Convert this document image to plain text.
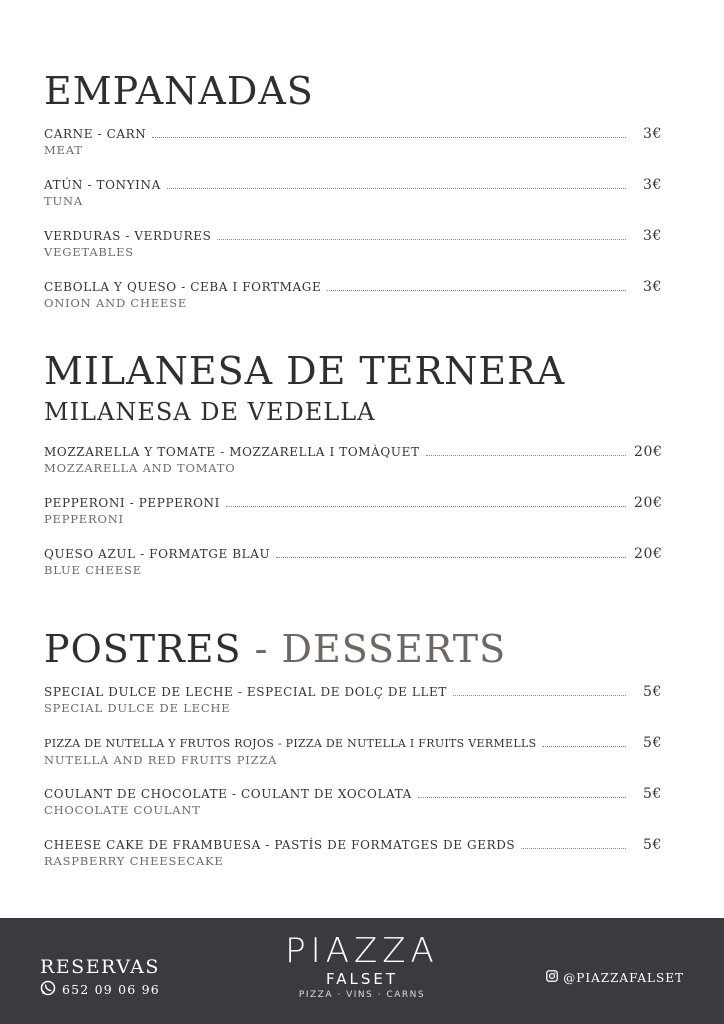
EMPANADAS
CARNE - CARN	3€
MEAT
ATÚN - TONYINA	3€
TUNA
VERDURAS - VERDURES	3€
VEGETABLES
CEBOLLA Y QUESO - CEBA I FORTMAGE	3€
ONION AND CHEESE
MILANESA DE TERNERA
MILANESA DE VEDELLA
MOZZARELLA Y TOMATE - MOZZARELLA I TOMÀQUET	20€
MOZZARELLA AND TOMATO
PEPPERONI - PEPPERONI	20€
PEPPERONI
QUESO AZUL - FORMATGE BLAU	20€
BLUE CHEESE
POSTRES - DESSERTS
SPECIAL DULCE DE LECHE - ESPECIAL DE DOLÇ DE LLET	5€
SPECIAL DULCE DE LECHE
PIZZA DE NUTELLA Y FRUTOS ROJOS - PIZZA DE NUTELLA I FRUITS VERMELLS	5€
NUTELLA AND RED FRUITS PIZZA
COULANT DE CHOCOLATE - COULANT DE XOCOLATA	5€
CHOCOLATE COULANT
CHEESE CAKE DE FRAMBUESA - PASTÍS DE FORMATGES DE GERDS	5€
RASPBERRY CHEESECAKE
RESERVAS
652 09 06 96
PIAZZA
FALSET
PIZZA · VINS · CARNS
@PIAZZAFALSET
